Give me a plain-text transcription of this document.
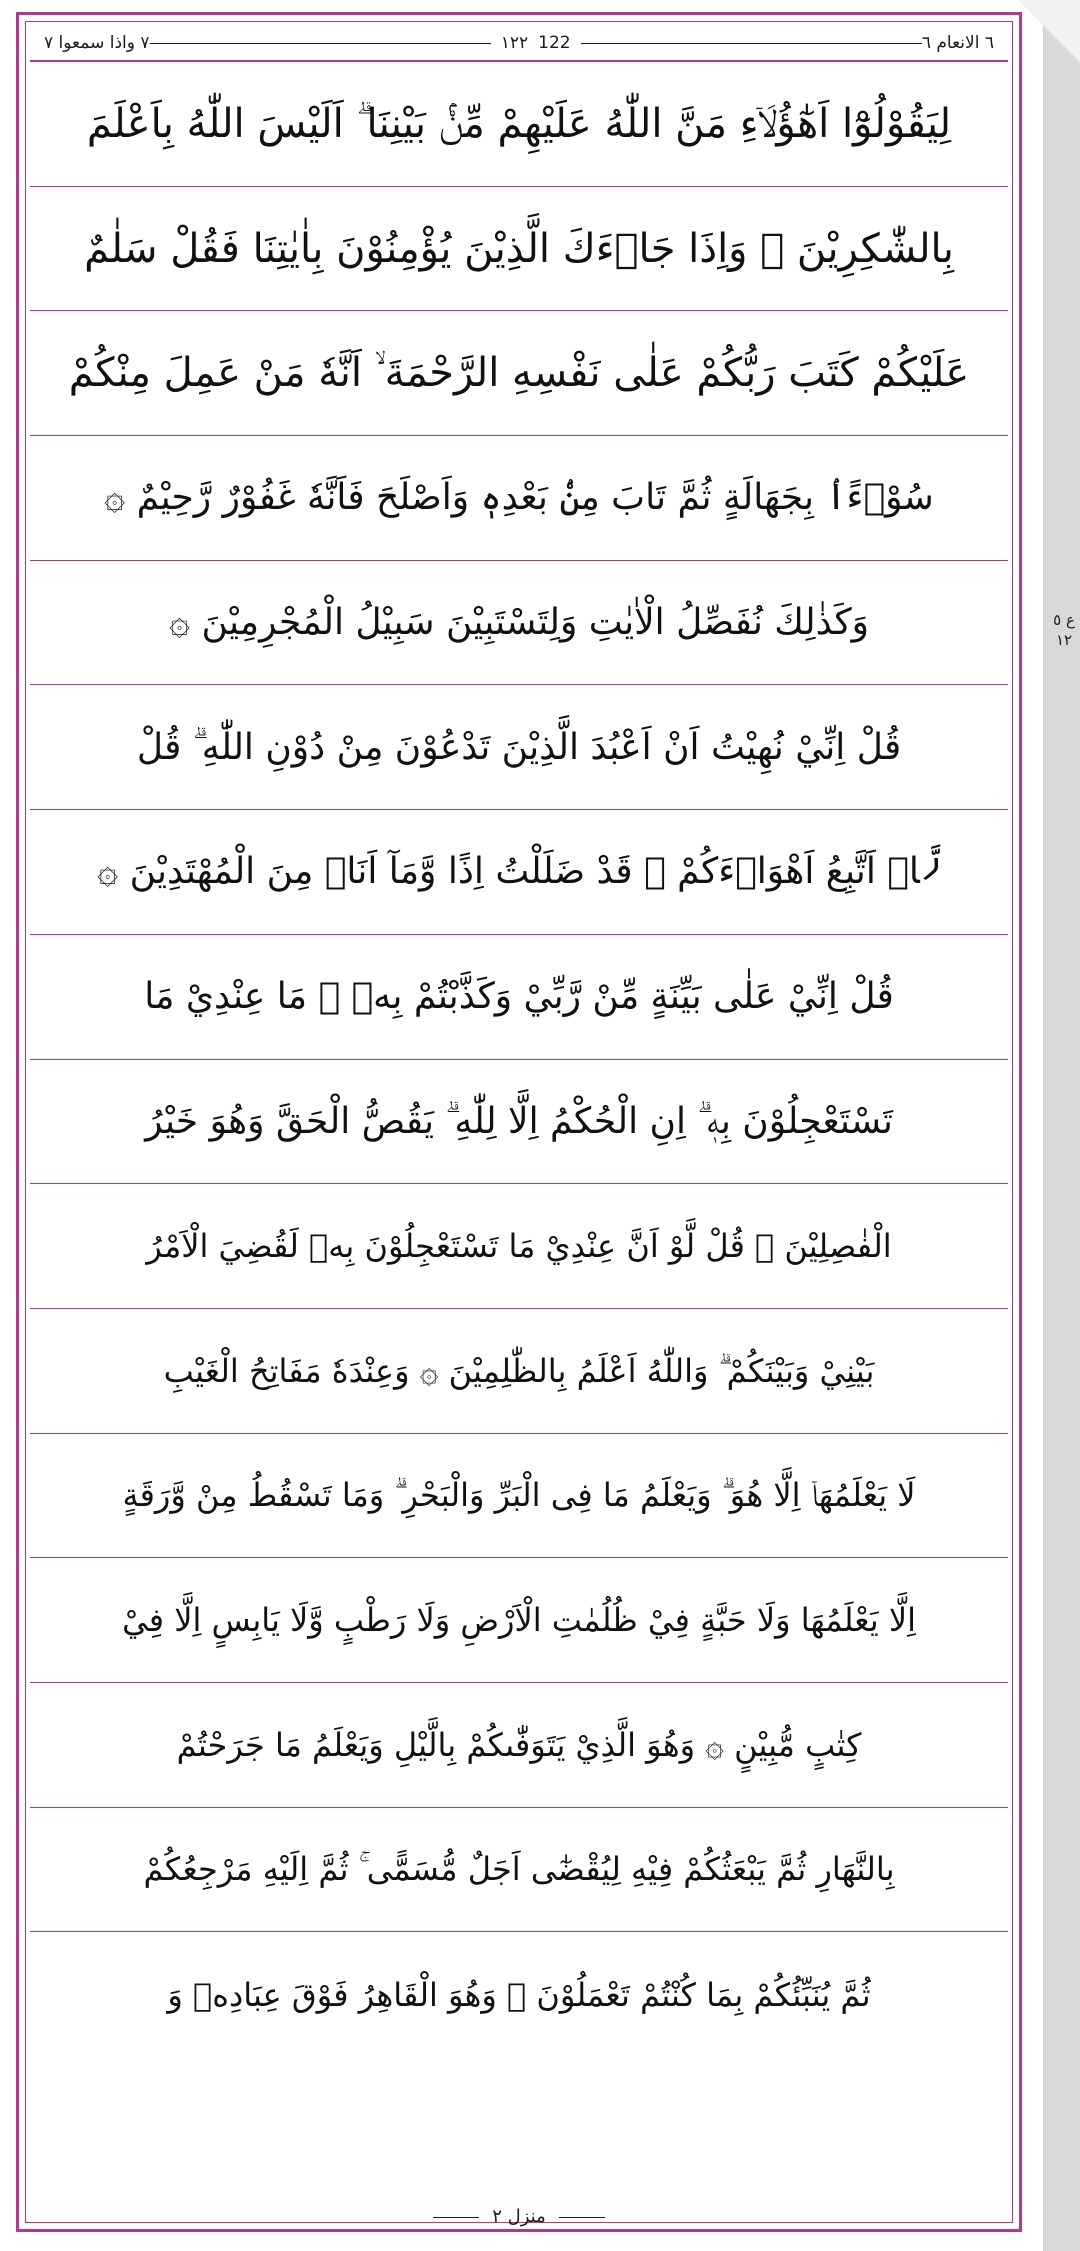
٧ واذا سمعوا ٧	١٢٢ 122	٦ الانعام ٦
ع ٥ ١٢
لِيَقُوْلُوْٓا اَهٰٓؤُلَاۤءِ مَنَّ اللّٰهُ عَلَيْهِمْ مِّنْۢ بَيْنِنَا ۗ اَلَيْسَ اللّٰهُ بِاَعْلَمَ
بِالشّٰكِرِيْنَ ۞ وَاِذَا جَاۤءَكَ الَّذِيْنَ يُؤْمِنُوْنَ بِاٰيٰتِنَا فَقُلْ سَلٰمٌ
عَلَيْكُمْ كَتَبَ رَبُّكُمْ عَلٰى نَفْسِهِ الرَّحْمَةَ ۙ اَنَّهٗ مَنْ عَمِلَ مِنْكُمْ
سُوْۤءًاۢ بِجَهَالَةٍ ثُمَّ تَابَ مِنْۢ بَعْدِهٖ وَاَصْلَحَ فَاَنَّهٗ غَفُوْرٌ رَّحِيْمٌ ۞
وَكَذٰلِكَ نُفَصِّلُ الْاٰيٰتِ وَلِتَسْتَبِيْنَ سَبِيْلُ الْمُجْرِمِيْنَ ۞
قُلْ اِنِّيْ نُهِيْتُ اَنْ اَعْبُدَ الَّذِيْنَ تَدْعُوْنَ مِنْ دُوْنِ اللّٰهِ ۗ قُلْ
لَّاۤ اَتَّبِعُ اَهْوَاۤءَكُمْ ۙ قَدْ ضَلَلْتُ اِذًا وَّمَآ اَنَا۠ مِنَ الْمُهْتَدِيْنَ ۞
قُلْ اِنِّيْ عَلٰى بَيِّنَةٍ مِّنْ رَّبِّيْ وَكَذَّبْتُمْ بِهٖ ۗ مَا عِنْدِيْ مَا
تَسْتَعْجِلُوْنَ بِهٖ ۗ اِنِ الْحُكْمُ اِلَّا لِلّٰهِ ۗ يَقُصُّ الْحَقَّ وَهُوَ خَيْرُ
الْفٰصِلِيْنَ ۞ قُلْ لَّوْ اَنَّ عِنْدِيْ مَا تَسْتَعْجِلُوْنَ بِهٖ لَقُضِيَ الْاَمْرُ
بَيْنِيْ وَبَيْنَكُمْ ۗ وَاللّٰهُ اَعْلَمُ بِالظّٰلِمِيْنَ ۞ وَعِنْدَهٗ مَفَاتِحُ الْغَيْبِ
لَا يَعْلَمُهَاۤ اِلَّا هُوَ ۗ وَيَعْلَمُ مَا فِى الْبَرِّ وَالْبَحْرِ ۗ وَمَا تَسْقُطُ مِنْ وَّرَقَةٍ
اِلَّا يَعْلَمُهَا وَلَا حَبَّةٍ فِيْ ظُلُمٰتِ الْاَرْضِ وَلَا رَطْبٍ وَّلَا يَابِسٍ اِلَّا فِيْ
كِتٰبٍ مُّبِيْنٍ ۞ وَهُوَ الَّذِيْ يَتَوَفّٰىكُمْ بِالَّيْلِ وَيَعْلَمُ مَا جَرَحْتُمْ
بِالنَّهَارِ ثُمَّ يَبْعَثُكُمْ فِيْهِ لِيُقْضٰٓى اَجَلٌ مُّسَمًّى ۚ ثُمَّ اِلَيْهِ مَرْجِعُكُمْ
ثُمَّ يُنَبِّئُكُمْ بِمَا كُنْتُمْ تَعْمَلُوْنَ ۞ وَهُوَ الْقَاهِرُ فَوْقَ عِبَادِهٖ وَ
منزل ٢
